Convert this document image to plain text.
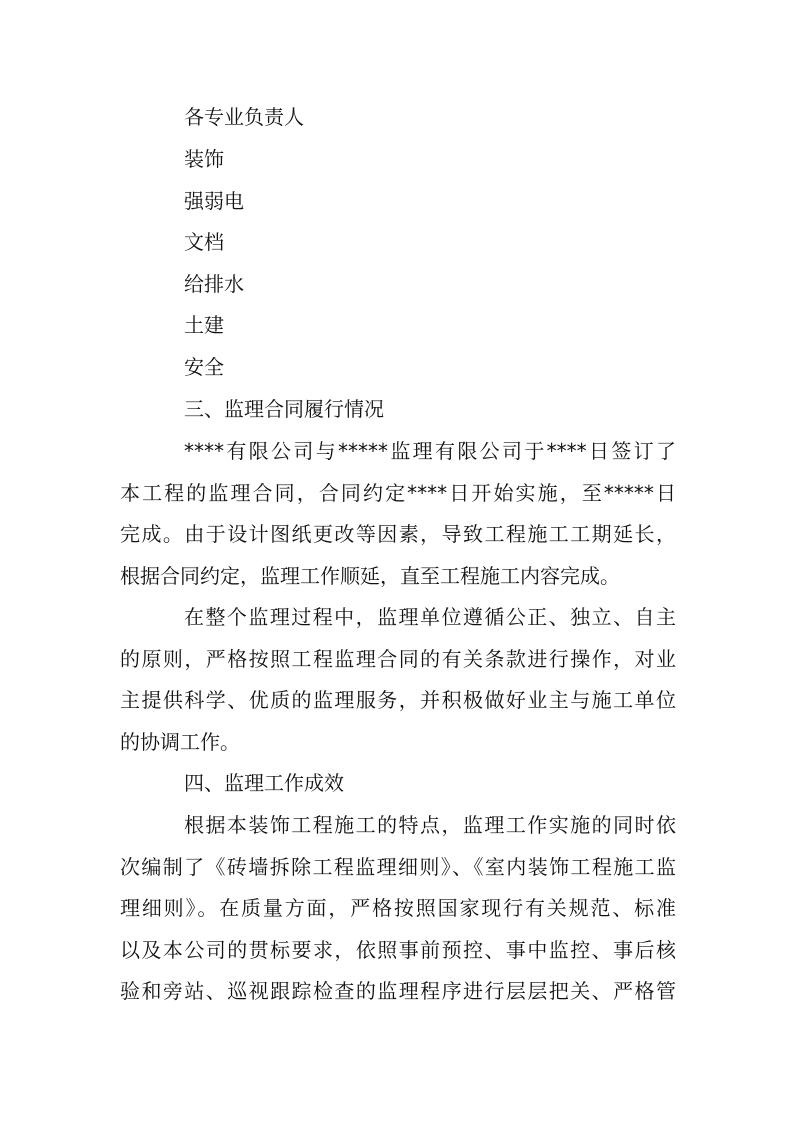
各专业负责人
装饰
强弱电
文档
给排水
土建
安全
三、监理合同履行情况
****有限公司与*****监理有限公司于****日签订了
本工程的监理合同，合同约定****日开始实施，至*****日
完成。由于设计图纸更改等因素，导致工程施工工期延长，
根据合同约定，监理工作顺延，直至工程施工内容完成。
在整个监理过程中，监理单位遵循公正、独立、自主
的原则，严格按照工程监理合同的有关条款进行操作，对业
主提供科学、优质的监理服务，并积极做好业主与施工单位
的协调工作。
四、监理工作成效
根据本装饰工程施工的特点，监理工作实施的同时依
次编制了《砖墙拆除工程监理细则》、《室内装饰工程施工监
理细则》。在质量方面，严格按照国家现行有关规范、标准
以及本公司的贯标要求，依照事前预控、事中监控、事后核
验和旁站、巡视跟踪检查的监理程序进行层层把关、严格管
